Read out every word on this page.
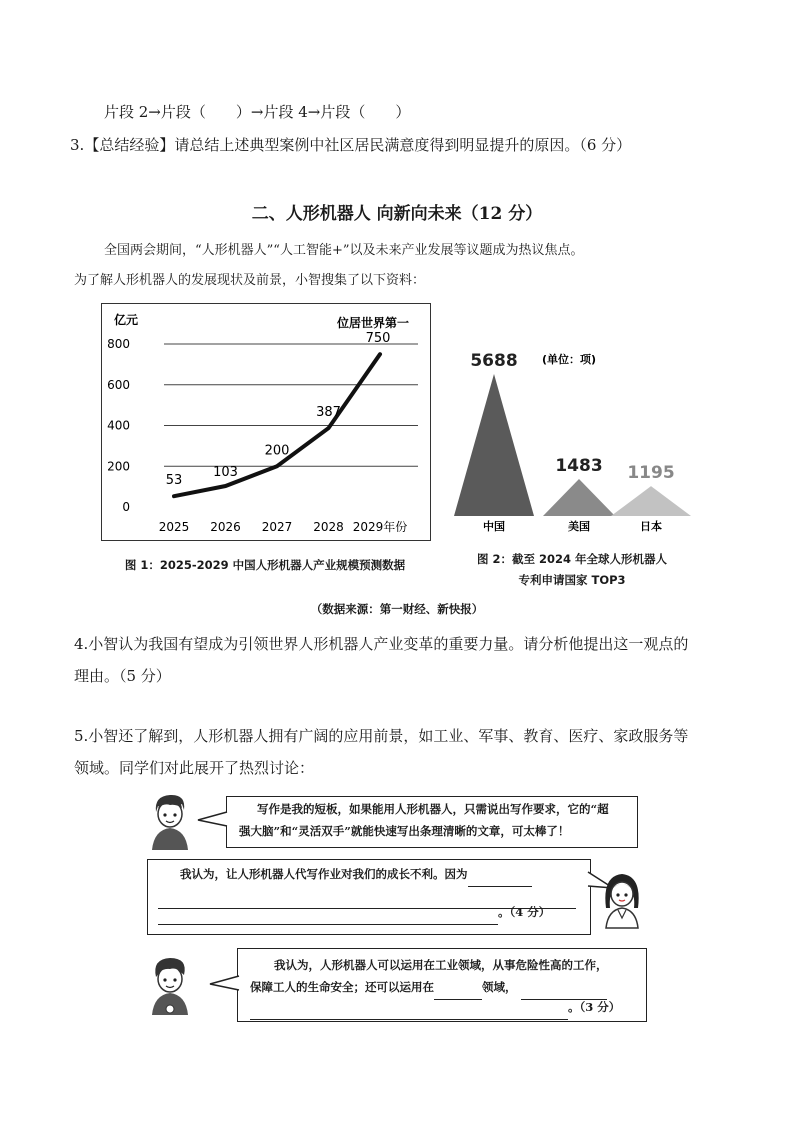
片段 2→片段（　　）→片段 4→片段（　　）
3.【总结经验】请总结上述典型案例中社区居民满意度得到明显提升的原因。（6 分）
二、人形机器人 向新向未来（12 分）
全国两会期间，“人形机器人”“人工智能+”以及未来产业发展等议题成为热议焦点。
为了解人形机器人的发展现状及前景，小智搜集了以下资料：
亿元	位居世界第一
0
200
400
600
800
2025 2026 2027 2028 2029年份
53
103
200
387
750
图 1：2025-2029 中国人形机器人产业规模预测数据
(单位：项)
5688
1483 1195
中国	美国	日本
图 2：截至 2024 年全球人形机器人
专利申请国家 TOP3
（数据来源：第一财经、新快报）
4.小智认为我国有望成为引领世界人形机器人产业变革的重要力量。请分析他提出这一观点的
理由。（5 分）
5.小智还了解到，人形机器人拥有广阔的应用前景，如工业、军事、教育、医疗、家政服务等
领域。同学们对此展开了热烈讨论：
写作是我的短板，如果能用人形机器人，只需说出写作要求，它的“超
强大脑”和“灵活双手”就能快速写出条理清晰的文章，可太棒了！
我认为，让人形机器人代写作业对我们的成长不利。因为
。（4 分）
我认为，人形机器人可以运用在工业领域，从事危险性高的工作，
保障工人的生命安全；还可以运用在	领域，
。（3 分）
